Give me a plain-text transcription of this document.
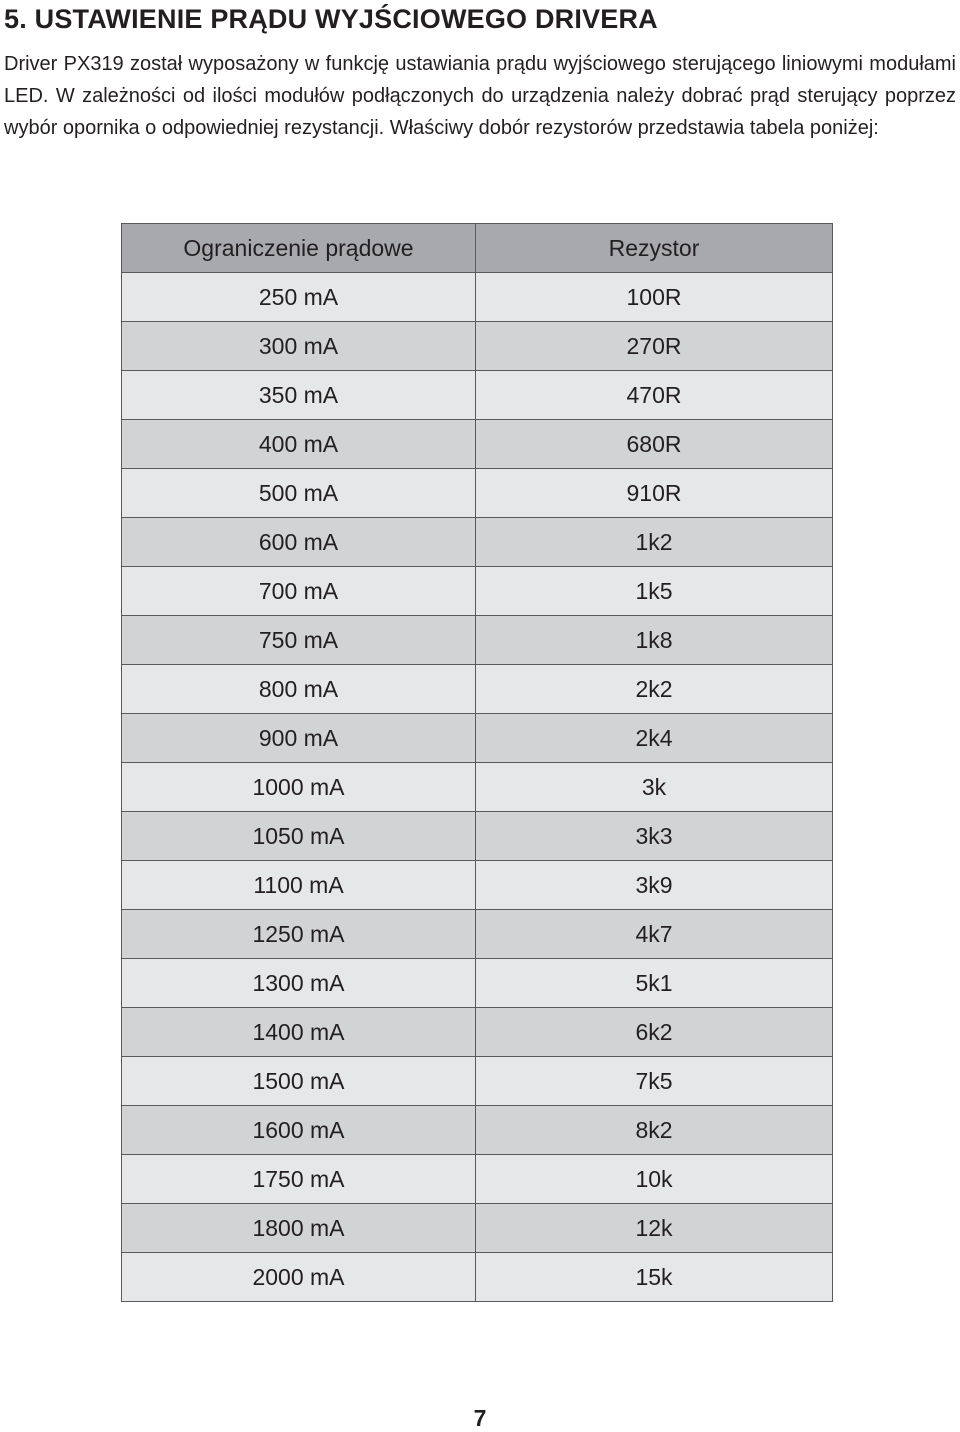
5. USTAWIENIE PRĄDU WYJŚCIOWEGO DRIVERA

Driver PX319 został wyposażony w funkcję ustawiania prądu wyjściowego sterującego liniowymi modułami LED. W zależności od ilości modułów podłączonych do urządzenia należy dobrać prąd sterujący poprzez wybór opornika o odpowiedniej rezystancji. Właściwy dobór rezystorów przedstawia tabela poniżej:

Ograniczenie prądowe	Rezystor
250 mA	100R
300 mA	270R
350 mA	470R
400 mA	680R
500 mA	910R
600 mA	1k2
700 mA	1k5
750 mA	1k8
800 mA	2k2
900 mA	2k4
1000 mA	3k
1050 mA	3k3
1100 mA	3k9
1250 mA	4k7
1300 mA	5k1
1400 mA	6k2
1500 mA	7k5
1600 mA	8k2
1750 mA	10k
1800 mA	12k
2000 mA	15k
7
